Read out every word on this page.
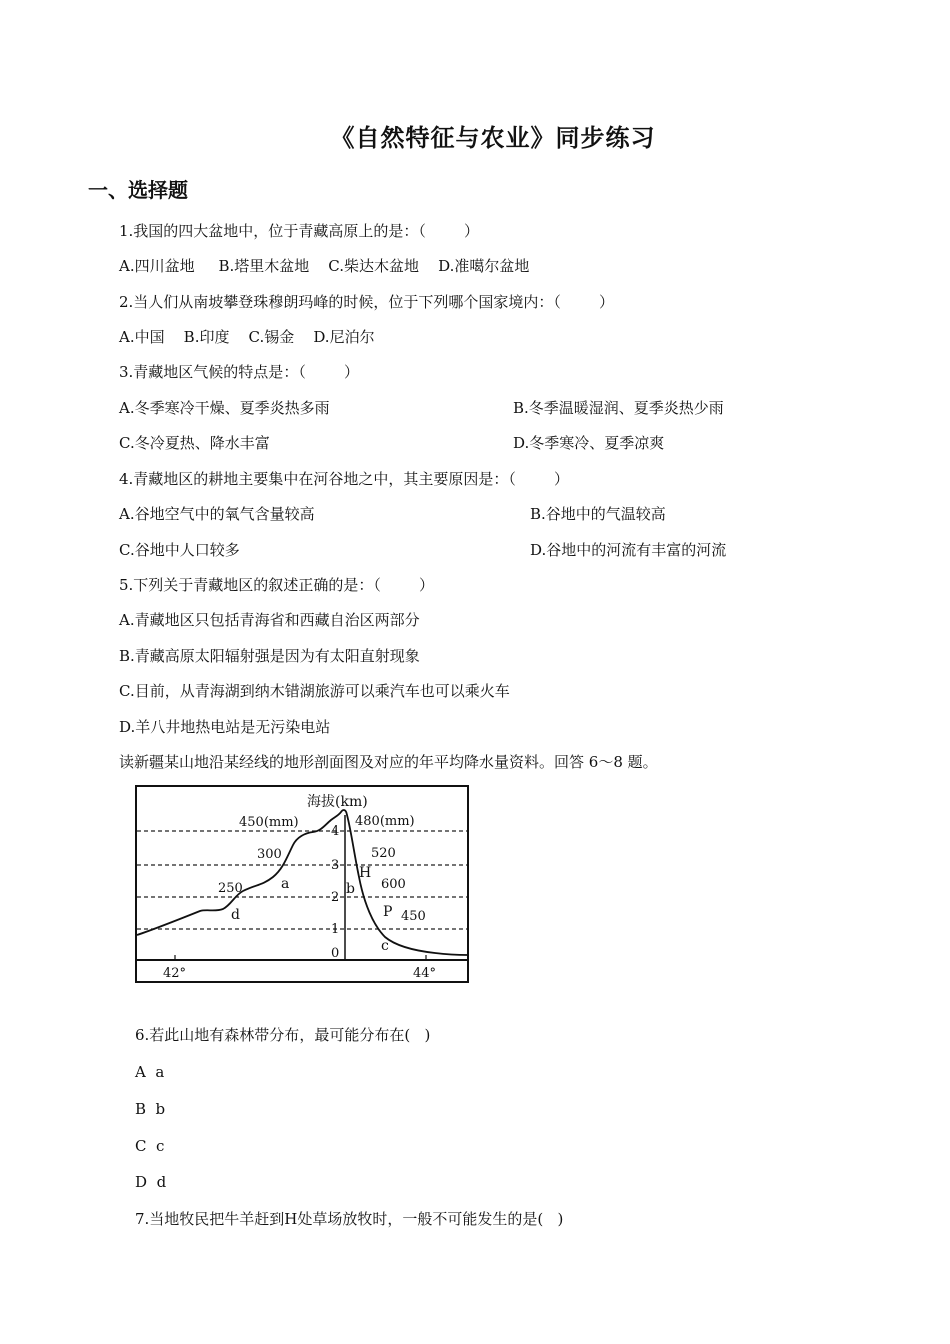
《自然特征与农业》同步练习
一、选择题
1.我国的四大盆地中，位于青藏高原上的是：（        ）
A.四川盆地     B.塔里木盆地    C.柴达木盆地    D.准噶尔盆地
2.当人们从南坡攀登珠穆朗玛峰的时候，位于下列哪个国家境内：（        ）
A.中国    B.印度    C.锡金    D.尼泊尔
3.青藏地区气候的特点是：（        ）
A.冬季寒冷干燥、夏季炎热多雨	B.冬季温暖湿润、夏季炎热少雨
C.冬冷夏热、降水丰富	D.冬季寒冷、夏季凉爽
4.青藏地区的耕地主要集中在河谷地之中，其主要原因是：（        ）
A.谷地空气中的氧气含量较高	B.谷地中的气温较高
C.谷地中人口较多	D.谷地中的河流有丰富的河流
5.下列关于青藏地区的叙述正确的是：（        ）
A.青藏地区只包括青海省和西藏自治区两部分
B.青藏高原太阳辐射强是因为有太阳直射现象
C.目前，从青海湖到纳木错湖旅游可以乘汽车也可以乘火车
D.羊八井地热电站是无污染电站
读新疆某山地沿某经线的地形剖面图及对应的年平均降水量资料。回答 6～8 题。
海拔(km)
450(mm)	480(mm)
300
250
520
600
450
a	b
c
d
H
P
4
3
2
1
0
42°	44°
6.若此山地有森林带分布，最可能分布在(   )
A  a
B  b
C  c
D  d
7.当地牧民把牛羊赶到H处草场放牧时，一般不可能发生的是(   )
